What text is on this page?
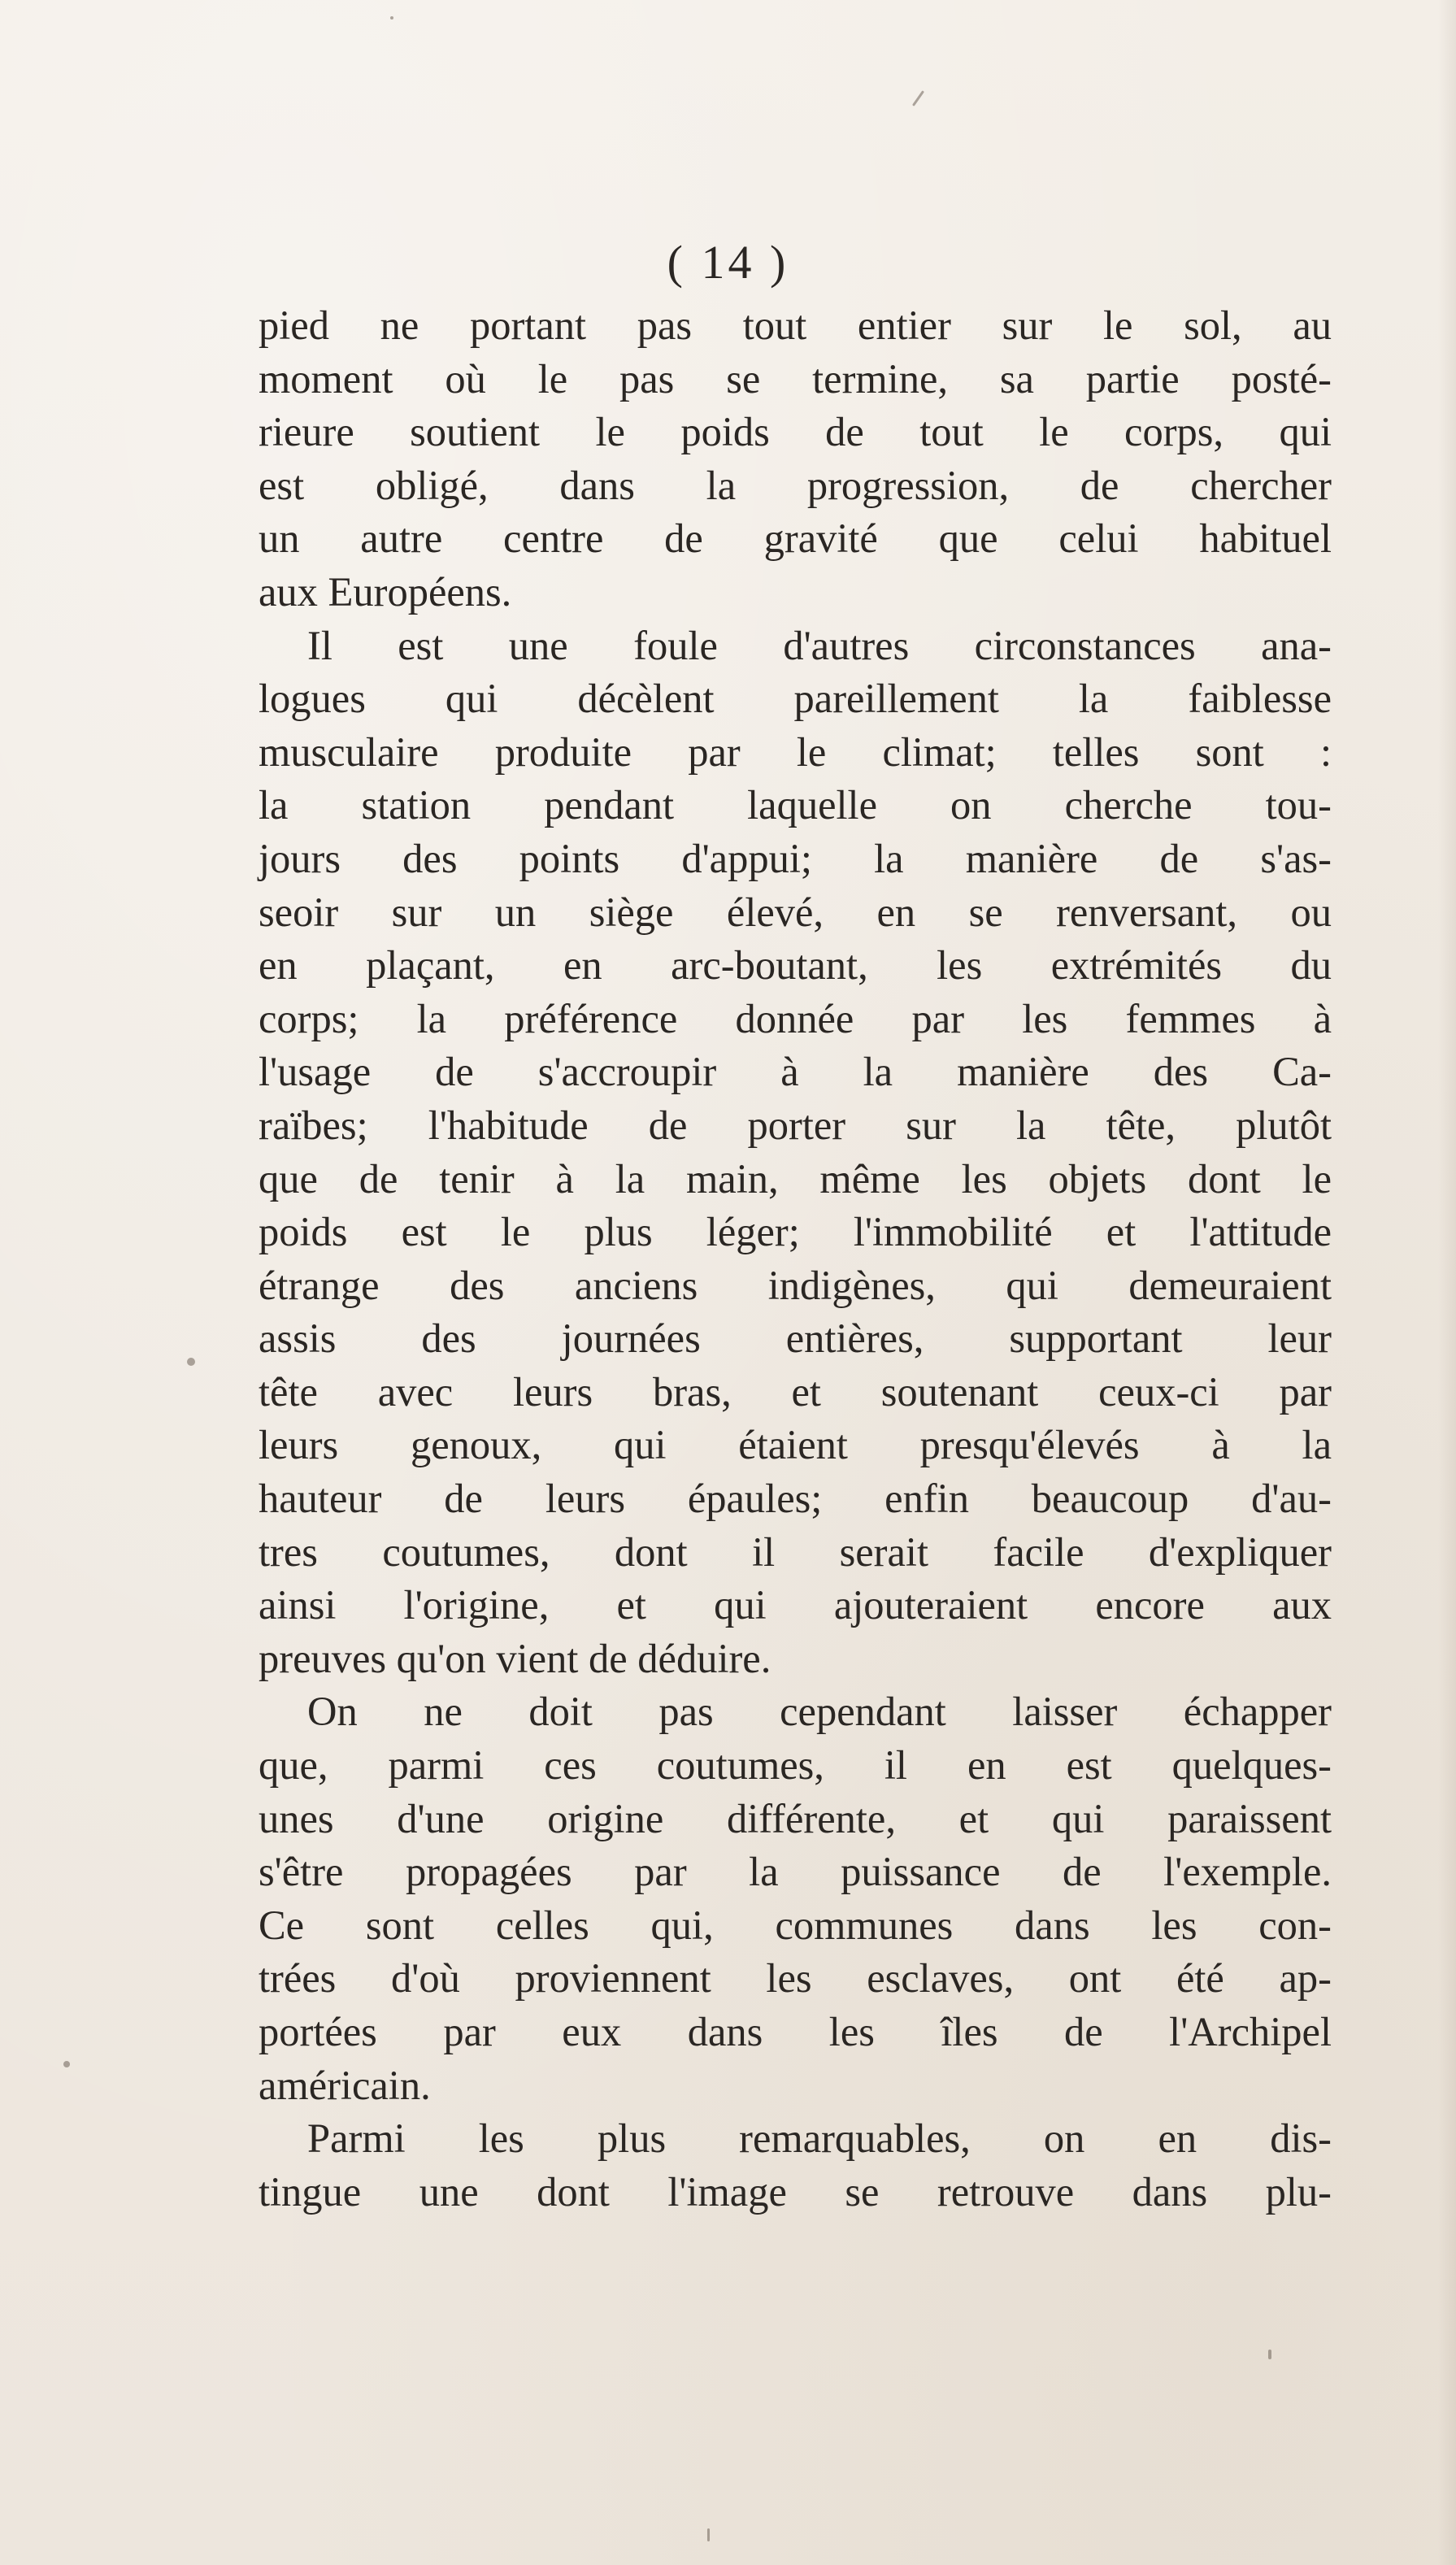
( 14 )
pied ne portant pas tout entier sur le sol, au
moment où le pas se termine, sa partie posté-
rieure soutient le poids de tout le corps, qui
est obligé, dans la progression, de chercher
un autre centre de gravité que celui habituel
aux Européens.
Il est une foule d'autres circonstances ana-
logues qui décèlent pareillement la faiblesse
musculaire produite par le climat; telles sont :
la station pendant laquelle on cherche tou-
jours des points d'appui; la manière de s'as-
seoir sur un siège élevé, en se renversant, ou
en plaçant, en arc-boutant, les extrémités du
corps; la préférence donnée par les femmes à
l'usage de s'accroupir à la manière des Ca-
raïbes; l'habitude de porter sur la tête, plutôt
que de tenir à la main, même les objets dont le
poids est le plus léger; l'immobilité et l'attitude
étrange des anciens indigènes, qui demeuraient
assis des journées entières, supportant leur
tête avec leurs bras, et soutenant ceux-ci par
leurs genoux, qui étaient presqu'élevés à la
hauteur de leurs épaules; enfin beaucoup d'au-
tres coutumes, dont il serait facile d'expliquer
ainsi l'origine, et qui ajouteraient encore aux
preuves qu'on vient de déduire.
On ne doit pas cependant laisser échapper
que, parmi ces coutumes, il en est quelques-
unes d'une origine différente, et qui paraissent
s'être propagées par la puissance de l'exemple.
Ce sont celles qui, communes dans les con-
trées d'où proviennent les esclaves, ont été ap-
portées par eux dans les îles de l'Archipel
américain.
Parmi les plus remarquables, on en dis-
tingue une dont l'image se retrouve dans plu-
